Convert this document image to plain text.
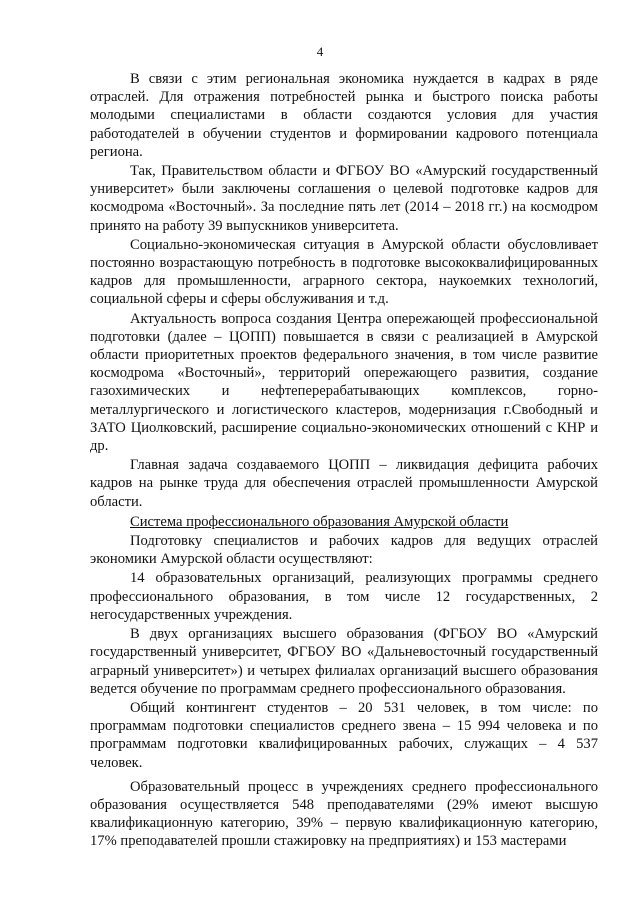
4

В связи с этим региональная экономика нуждается в кадрах в ряде отраслей. Для отражения потребностей рынка и быстрого поиска работы молодыми специалистами в области создаются условия для участия работодателей в обучении студентов и формировании кадрового потенциала региона.

Так, Правительством области и ФГБОУ ВО «Амурский государственный университет» были заключены соглашения о целевой подготовке кадров для космодрома «Восточный». За последние пять лет (2014 – 2018 гг.) на космодром принято на работу 39 выпускников университета.

Социально-экономическая ситуация в Амурской области обусловливает постоянно возрастающую потребность в подготовке высококвалифицированных кадров для промышленности, аграрного сектора, наукоемких технологий, социальной сферы и сферы обслуживания и т.д.

Актуальность вопроса создания Центра опережающей профессиональной подготовки (далее – ЦОПП) повышается в связи с реализацией в Амурской области приоритетных проектов федерального значения, в том числе развитие космодрома «Восточный», территорий опережающего развития, создание газохимических и нефтеперерабатывающих комплексов, горно-металлургического и логистического кластеров, модернизация г.Свободный и ЗАТО Циолковский, расширение социально-экономических отношений с КНР и др.

Главная задача создаваемого ЦОПП – ликвидация дефицита рабочих кадров на рынке труда для обеспечения отраслей промышленности Амурской области.

Система профессионального образования Амурской области

Подготовку специалистов и рабочих кадров для ведущих отраслей экономики Амурской области осуществляют:

14 образовательных организаций, реализующих программы среднего профессионального образования, в том числе 12 государственных, 2 негосударственных учреждения.

В двух организациях высшего образования (ФГБОУ ВО «Амурский государственный университет, ФГБОУ ВО «Дальневосточный государственный аграрный университет») и четырех филиалах организаций высшего образования ведется обучение по программам среднего профессионального образования.

Общий контингент студентов – 20 531 человек, в том числе: по программам подготовки специалистов среднего звена – 15 994 человека и по программам подготовки квалифицированных рабочих, служащих – 4 537 человек.

Образовательный процесс в учреждениях среднего профессионального образования осуществляется 548 преподавателями (29% имеют высшую квалификационную категорию, 39% – первую квалификационную категорию, 17% преподавателей прошли стажировку на предприятиях) и 153 мастерами
